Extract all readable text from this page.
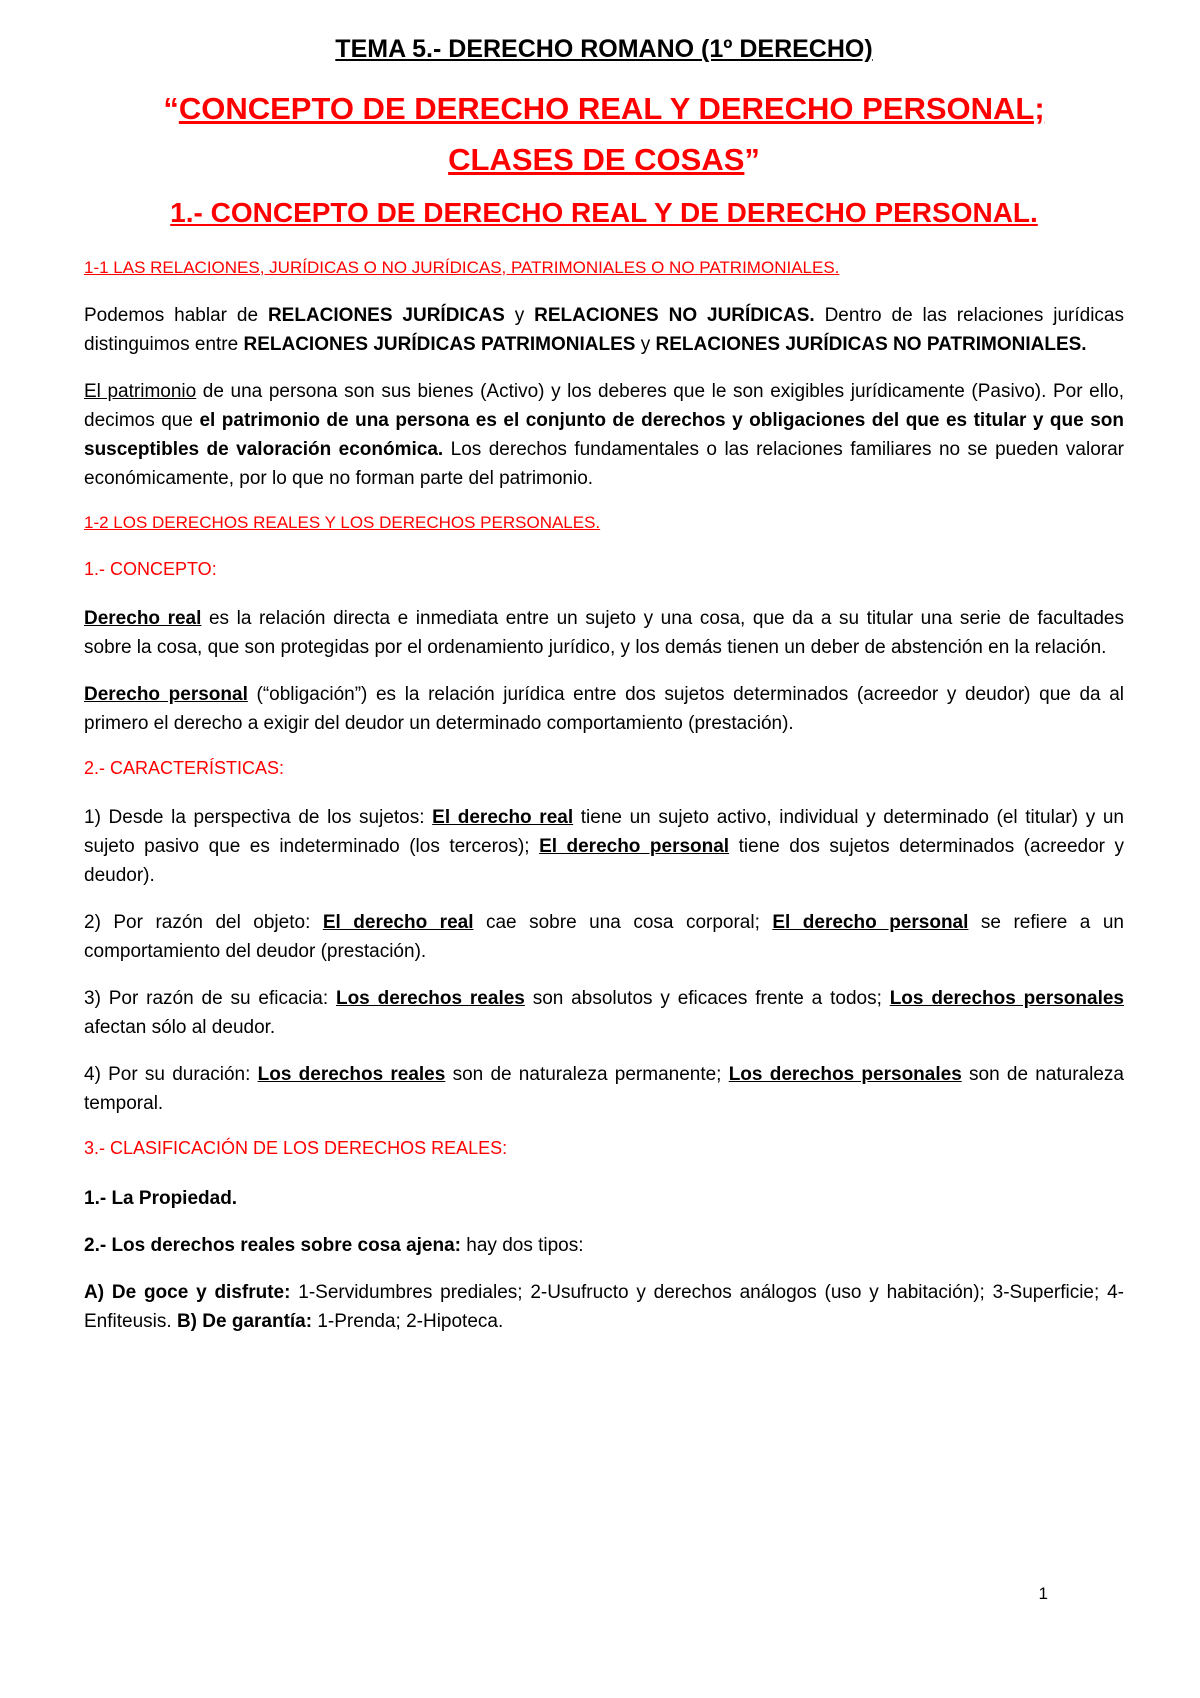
TEMA 5.- DERECHO ROMANO (1º DERECHO)
“CONCEPTO DE DERECHO REAL Y DERECHO PERSONAL;
CLASES DE COSAS”
1.- CONCEPTO DE DERECHO REAL Y DE DERECHO PERSONAL.
1-1 LAS RELACIONES, JURÍDICAS O NO JURÍDICAS, PATRIMONIALES O NO PATRIMONIALES.

Podemos hablar de RELACIONES JURÍDICAS y RELACIONES NO JURÍDICAS. Dentro de las relaciones jurídicas distinguimos entre RELACIONES JURÍDICAS PATRIMONIALES y RELACIONES JURÍDICAS NO PATRIMONIALES.

El patrimonio de una persona son sus bienes (Activo) y los deberes que le son exigibles jurídicamente (Pasivo). Por ello, decimos que el patrimonio de una persona es el conjunto de derechos y obligaciones del que es titular y que son susceptibles de valoración económica. Los derechos fundamentales o las relaciones familiares no se pueden valorar económicamente, por lo que no forman parte del patrimonio.

1-2 LOS DERECHOS REALES Y LOS DERECHOS PERSONALES.
1.- CONCEPTO:

Derecho real es la relación directa e inmediata entre un sujeto y una cosa, que da a su titular una serie de facultades sobre la cosa, que son protegidas por el ordenamiento jurídico, y los demás tienen un deber de abstención en la relación.

Derecho personal (“obligación”) es la relación jurídica entre dos sujetos determinados (acreedor y deudor) que da al primero el derecho a exigir del deudor un determinado comportamiento (prestación).

2.- CARACTERÍSTICAS:

1) Desde la perspectiva de los sujetos: El derecho real tiene un sujeto activo, individual y determinado (el titular) y un sujeto pasivo que es indeterminado (los terceros); El derecho personal tiene dos sujetos determinados (acreedor y deudor).

2) Por razón del objeto: El derecho real cae sobre una cosa corporal; El derecho personal se refiere a un comportamiento del deudor (prestación).

3) Por razón de su eficacia: Los derechos reales son absolutos y eficaces frente a todos; Los derechos personales afectan sólo al deudor.

4) Por su duración: Los derechos reales son de naturaleza permanente; Los derechos personales son de naturaleza temporal.

3.- CLASIFICACIÓN DE LOS DERECHOS REALES:

1.- La Propiedad.

2.- Los derechos reales sobre cosa ajena: hay dos tipos:

A) De goce y disfrute: 1-Servidumbres prediales; 2-Usufructo y derechos análogos (uso y habitación); 3-Superficie; 4-Enfiteusis. B) De garantía: 1-Prenda; 2-Hipoteca.

1
